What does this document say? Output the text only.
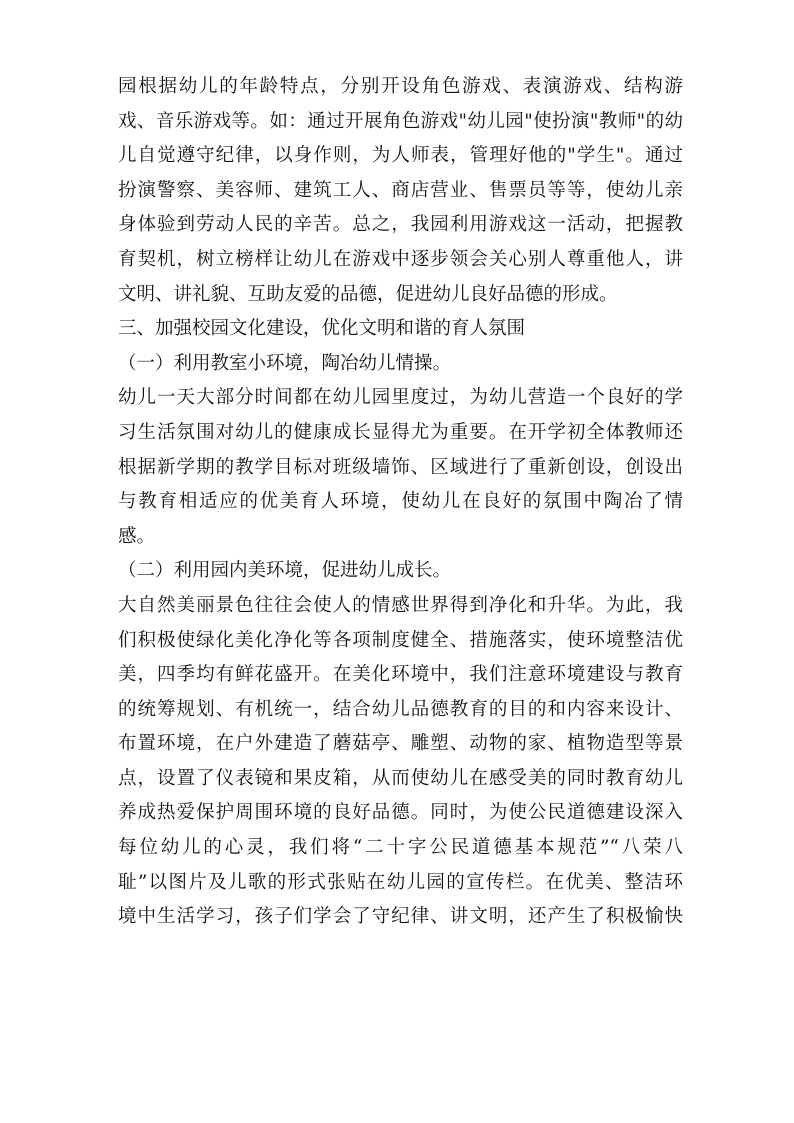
园根据幼儿的年龄特点，分别开设角色游戏、表演游戏、结构游
戏、音乐游戏等。如：通过开展角色游戏"幼儿园"使扮演"教师"的幼
儿自觉遵守纪律，以身作则，为人师表，管理好他的"学生"。通过
扮演警察、美容师、建筑工人、商店营业、售票员等等，使幼儿亲
身体验到劳动人民的辛苦。总之，我园利用游戏这一活动，把握教
育契机，树立榜样让幼儿在游戏中逐步领会关心别人尊重他人，讲
文明、讲礼貌、互助友爱的品德，促进幼儿良好品德的形成。
三、加强校园文化建设，优化文明和谐的育人氛围
（一）利用教室小环境，陶冶幼儿情操。
幼儿一天大部分时间都在幼儿园里度过，为幼儿营造一个良好的学
习生活氛围对幼儿的健康成长显得尤为重要。在开学初全体教师还
根据新学期的教学目标对班级墙饰、区域进行了重新创设，创设出
与教育相适应的优美育人环境，使幼儿在良好的氛围中陶冶了情
感。
（二）利用园内美环境，促进幼儿成长。
大自然美丽景色往往会使人的情感世界得到净化和升华。为此，我
们积极使绿化美化净化等各项制度健全、措施落实，使环境整洁优
美，四季均有鲜花盛开。在美化环境中，我们注意环境建设与教育
的统筹规划、有机统一，结合幼儿品德教育的目的和内容来设计、
布置环境，在户外建造了蘑菇亭、雕塑、动物的家、植物造型等景
点，设置了仪表镜和果皮箱，从而使幼儿在感受美的同时教育幼儿
养成热爱保护周围环境的良好品德。同时，为使公民道德建设深入
每位幼儿的心灵，我们将“二十字公民道德基本规范”“八荣八
耻”以图片及儿歌的形式张贴在幼儿园的宣传栏。在优美、整洁环
境中生活学习，孩子们学会了守纪律、讲文明，还产生了积极愉快
